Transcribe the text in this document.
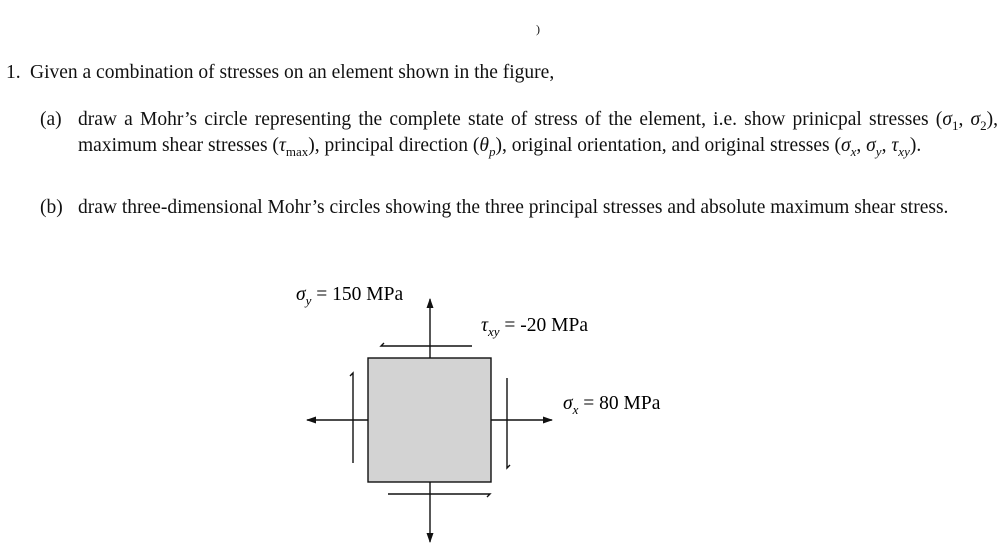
)
1. Given a combination of stresses on an element shown in the figure,
(a) draw a Mohr’s circle representing the complete state of stress of the element, i.e. show prinicpal stresses ($\sigma_1$, $\sigma_2$), maximum shear stresses $(\tau_{max})$, principal direction $(\theta_p)$, original orientation, and original stresses ($\sigma_x$, $\sigma_y$, $\tau_{xy}$).
(b) draw three-dimensional Mohr’s circles showing the three principal stresses and absolute maximum shear stress.
$\sigma_y = 150$ MPa
$\tau_{xy} = -20$ MPa
$\sigma_x = 80$ MPa
